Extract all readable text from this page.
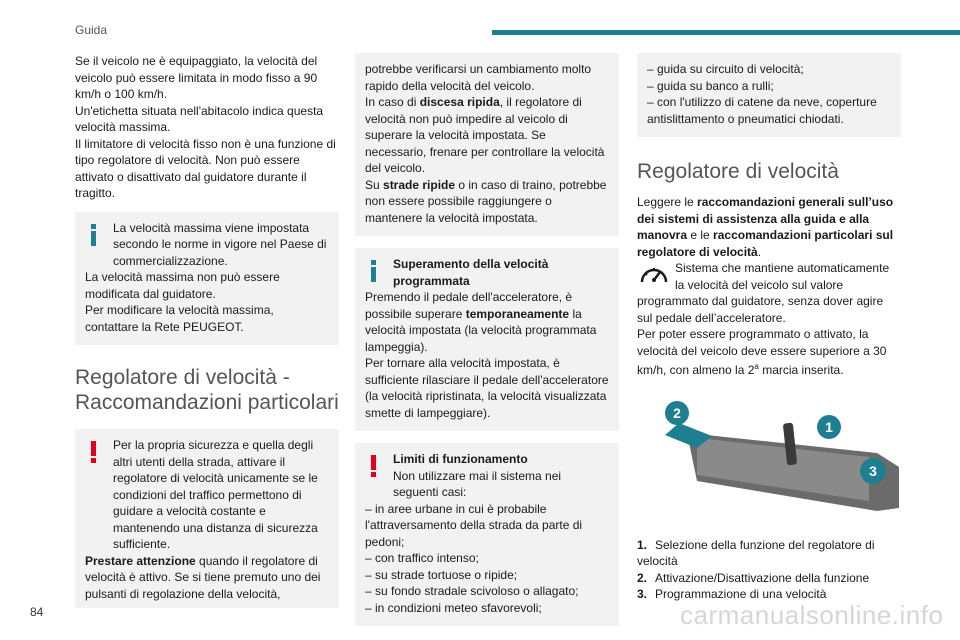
Guida

Se il veicolo ne è equipaggiato, la velocità del veicolo può essere limitata in modo fisso a 90 km/h o 100 km/h.

Un'etichetta situata nell'abitacolo indica questa velocità massima.

Il limitatore di velocità fisso non è una funzione di tipo regolatore di velocità. Non può essere attivato o disattivato dal guidatore durante il tragitto.

La velocità massima viene impostata secondo le norme in vigore nel Paese di commercializzazione.

La velocità massima non può essere modificata dal guidatore.

Per modificare la velocità massima, contattare la Rete PEUGEOT.

Regolatore di velocità - Raccomandazioni particolari

Per la propria sicurezza e quella degli altri utenti della strada, attivare il regolatore di velocità unicamente se le condizioni del traffico permettono di guidare a velocità costante e mantenendo una distanza di sicurezza sufficiente.

Prestare attenzione quando il regolatore di velocità è attivo. Se si tiene premuto uno dei pulsanti di regolazione della velocità,

potrebbe verificarsi un cambiamento molto rapido della velocità del veicolo.

In caso di discesa ripida, il regolatore di velocità non può impedire al veicolo di superare la velocità impostata. Se necessario, frenare per controllare la velocità del veicolo.

Su strade ripide o in caso di traino, potrebbe non essere possibile raggiungere o mantenere la velocità impostata.

Superamento della velocità programmata

Premendo il pedale dell'acceleratore, è possibile superare temporaneamente la velocità impostata (la velocità programmata lampeggia).

Per tornare alla velocità impostata, è sufficiente rilasciare il pedale dell'acceleratore (la velocità ripristinata, la velocità visualizzata smette di lampeggiare).

Limiti di funzionamento

Non utilizzare mai il sistema nei seguenti casi:

– in aree urbane in cui è probabile l'attraversamento della strada da parte di pedoni;

– con traffico intenso;

– su strade tortuose o ripide;

– su fondo stradale scivoloso o allagato;

– in condizioni meteo sfavorevoli;

– guida su circuito di velocità;

– guida su banco a rulli;

– con l'utilizzo di catene da neve, coperture antislittamento o pneumatici chiodati.

Regolatore di velocità

Leggere le raccomandazioni generali sull’uso dei sistemi di assistenza alla guida e alla manovra e le raccomandazioni particolari sul regolatore di velocità.

Sistema che mantiene automaticamente la velocità del veicolo sul valore programmato dal guidatore, senza dover agire sul pedale dell’acceleratore.

Per poter essere programmato o attivato, la velocità del veicolo deve essere superiore a 30 km/h, con almeno la 2$^a$ marcia inserita.

2
1
3

1. Selezione della funzione del regolatore di velocità

2. Attivazione/Disattivazione della funzione

3. Programmazione di una velocità

84	carmanualsonline.info
